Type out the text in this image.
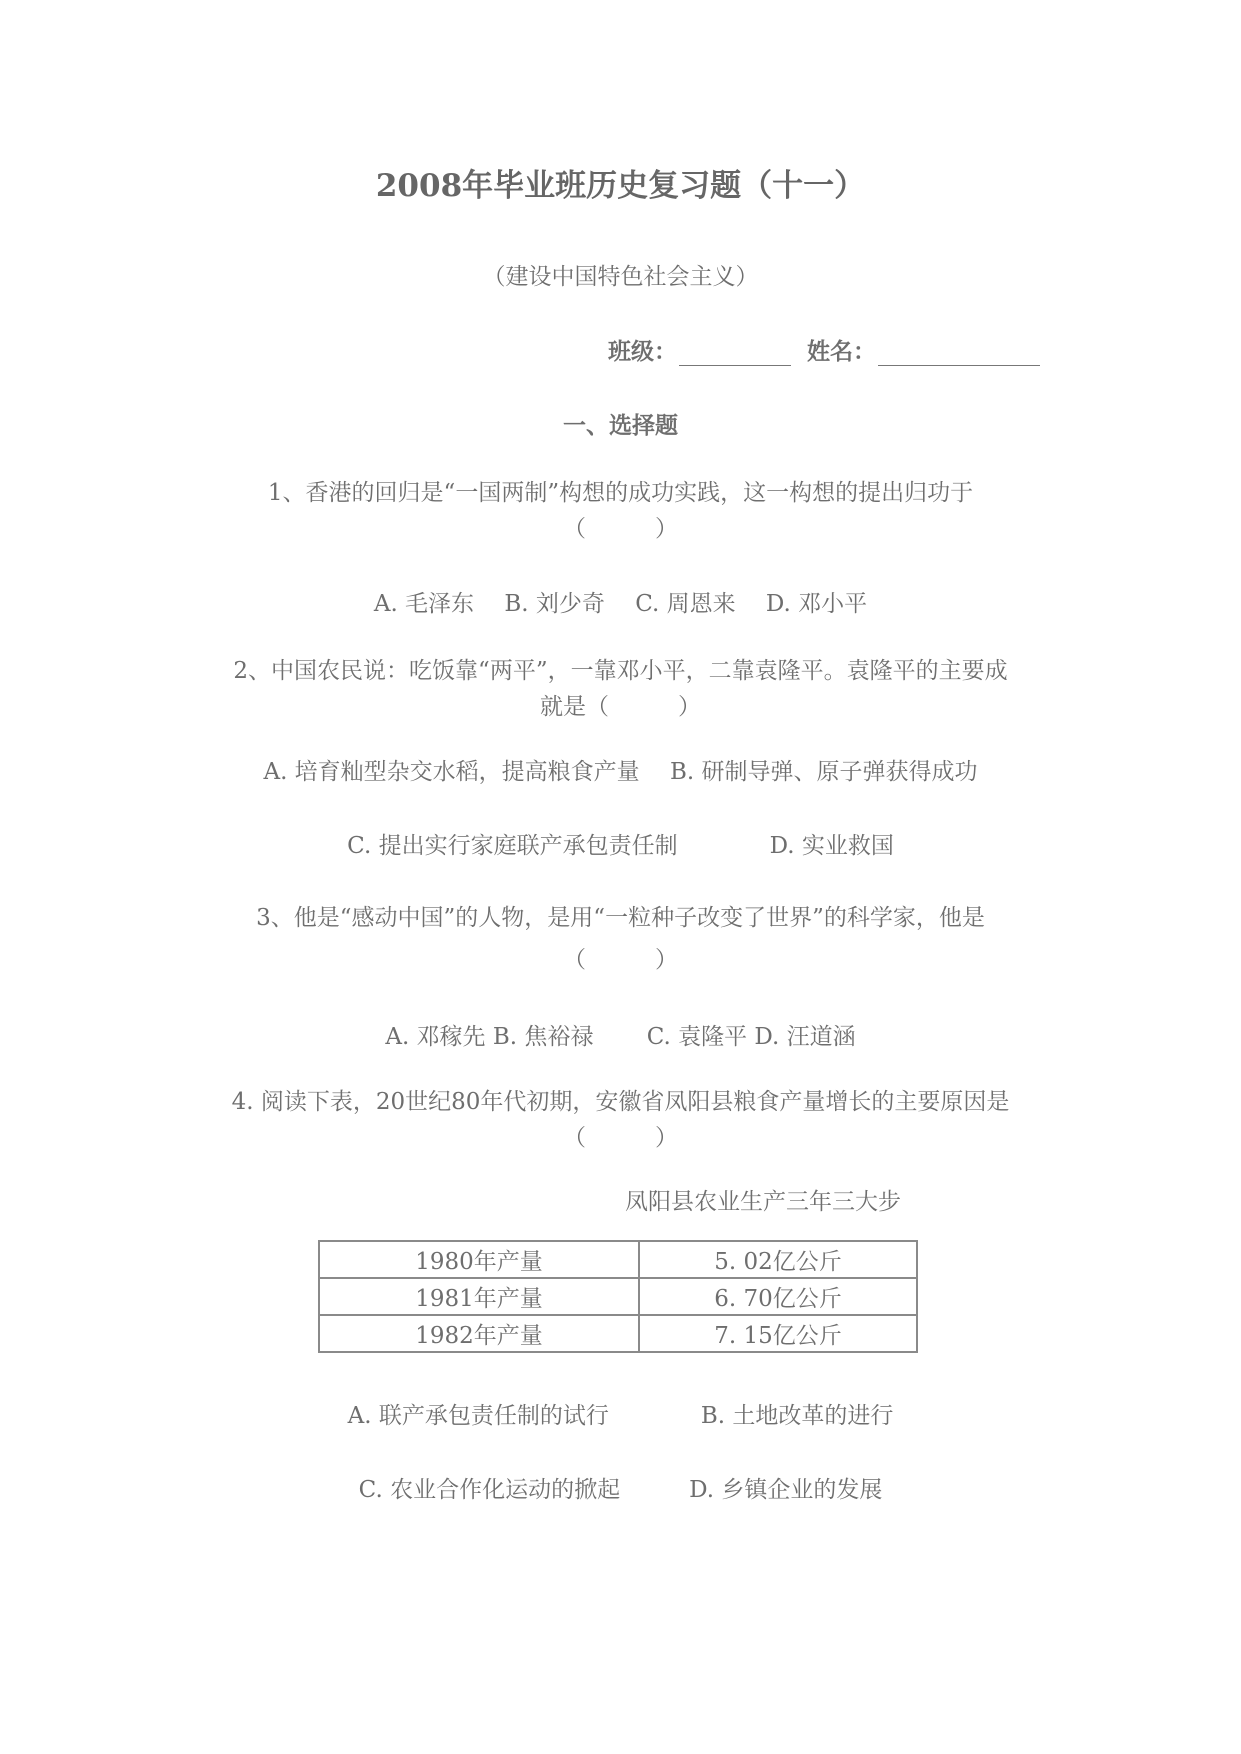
2008年毕业班历史复习题（十一）
（建设中国特色社会主义）
班级：	姓名：
一、选择题
1、香港的回归是“一国两制”构想的成功实践，这一构想的提出归功于
（　　　）
A. 毛泽东　 B. 刘少奇　 C. 周恩来　 D. 邓小平
2、中国农民说：吃饭靠“两平”，一靠邓小平，二靠袁隆平。袁隆平的主要成
就是（　　　）
A. 培育籼型杂交水稻，提高粮食产量　 B. 研制导弹、原子弹获得成功
C. 提出实行家庭联产承包责任制　　　　D. 实业救国
3、他是“感动中国”的人物，是用“一粒种子改变了世界”的科学家，他是
（　　　）
A. 邓稼先 B. 焦裕禄　　 C. 袁隆平 D. 汪道涵
4. 阅读下表，20世纪80年代初期，安徽省凤阳县粮食产量增长的主要原因是
（　　　）
凤阳县农业生产三年三大步
1980年产量	5. 02亿公斤
1981年产量	6. 70亿公斤
1982年产量	7. 15亿公斤
A. 联产承包责任制的试行　　　　B. 土地改革的进行
C. 农业合作化运动的掀起　　　D. 乡镇企业的发展
